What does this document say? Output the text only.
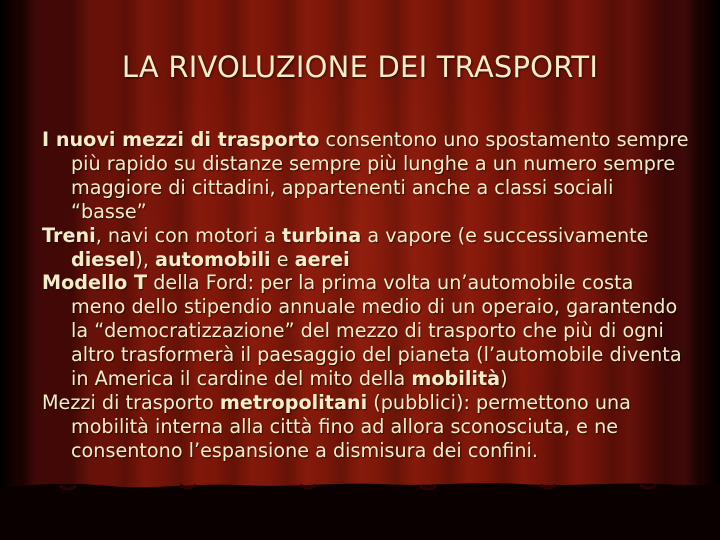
LA RIVOLUZIONE DEI TRASPORTI

I nuovi mezzi di trasporto consentono uno spostamento sempre più rapido su distanze sempre più lunghe a un numero sempre maggiore di cittadini, appartenenti anche a classi sociali “basse”

Treni, navi con motori a turbina a vapore (e successivamente diesel), automobili e aerei

Modello T della Ford: per la prima volta un’automobile costa meno dello stipendio annuale medio di un operaio, garantendo la “democratizzazione” del mezzo di trasporto che più di ogni altro trasformerà il paesaggio del pianeta (l’automobile diventa in America il cardine del mito della mobilità)

Mezzi di trasporto metropolitani (pubblici): permettono una mobilità interna alla città fino ad allora sconosciuta, e ne consentono l’espansione a dismisura dei confini.
